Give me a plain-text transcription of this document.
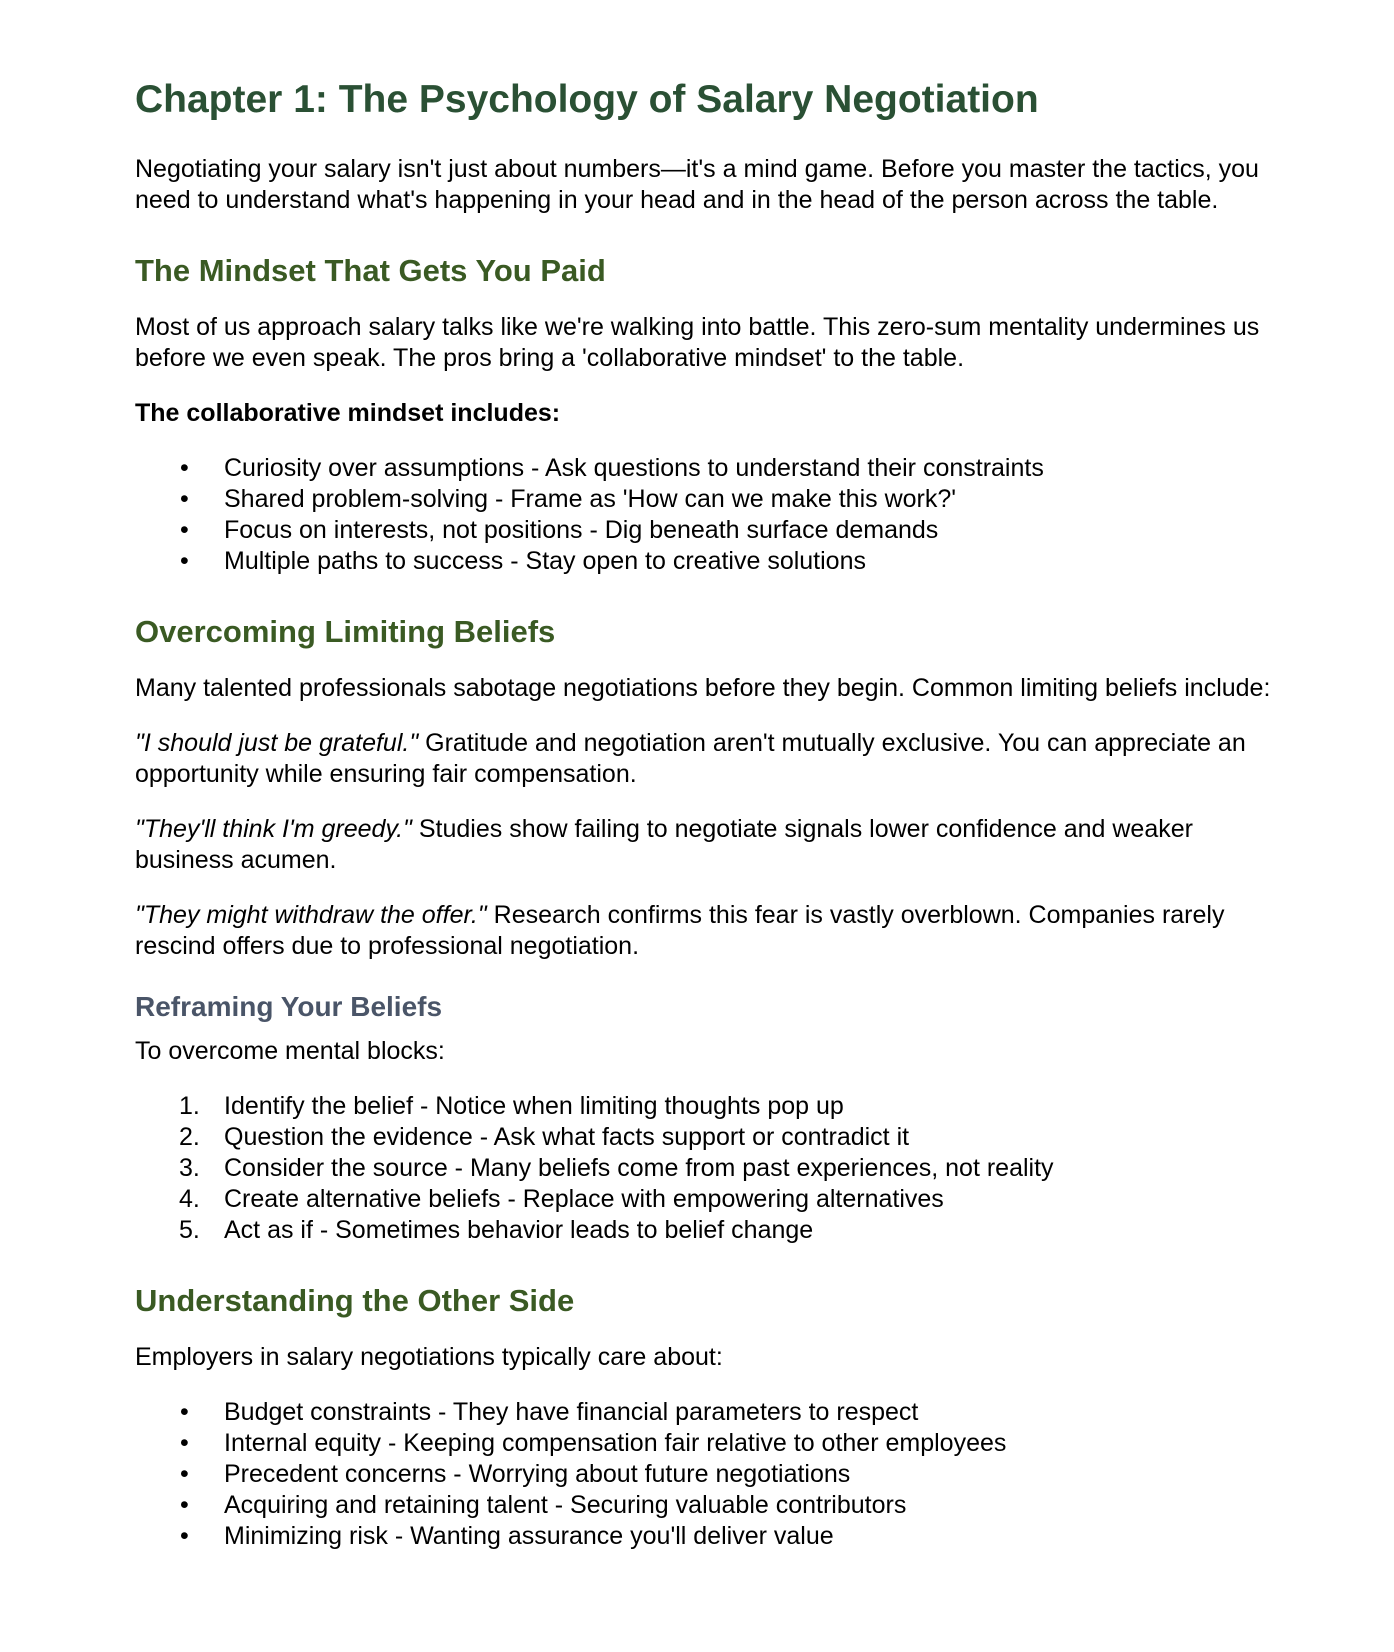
Chapter 1: The Psychology of Salary Negotiation

Negotiating your salary isn't just about numbers—it's a mind game. Before you master the tactics, you need to understand what's happening in your head and in the head of the person across the table.

The Mindset That Gets You Paid

Most of us approach salary talks like we're walking into battle. This zero-sum mentality undermines us before we even speak. The pros bring a 'collaborative mindset' to the table.

The collaborative mindset includes:

•	Curiosity over assumptions - Ask questions to understand their constraints
•	Shared problem-solving - Frame as 'How can we make this work?'
•	Focus on interests, not positions - Dig beneath surface demands
•	Multiple paths to success - Stay open to creative solutions
Overcoming Limiting Beliefs

Many talented professionals sabotage negotiations before they begin. Common limiting beliefs include:

"I should just be grateful." Gratitude and negotiation aren't mutually exclusive. You can appreciate an opportunity while ensuring fair compensation.

"They'll think I'm greedy." Studies show failing to negotiate signals lower confidence and weaker business acumen.

"They might withdraw the offer." Research confirms this fear is vastly overblown. Companies rarely rescind offers due to professional negotiation.

Reframing Your Beliefs

To overcome mental blocks:

1. Identify the belief - Notice when limiting thoughts pop up
2. Question the evidence - Ask what facts support or contradict it
3. Consider the source - Many beliefs come from past experiences, not reality
4. Create alternative beliefs - Replace with empowering alternatives
5. Act as if - Sometimes behavior leads to belief change
Understanding the Other Side

Employers in salary negotiations typically care about:

•	Budget constraints - They have financial parameters to respect
•	Internal equity - Keeping compensation fair relative to other employees
•	Precedent concerns - Worrying about future negotiations
•	Acquiring and retaining talent - Securing valuable contributors
•	Minimizing risk - Wanting assurance you'll deliver value
